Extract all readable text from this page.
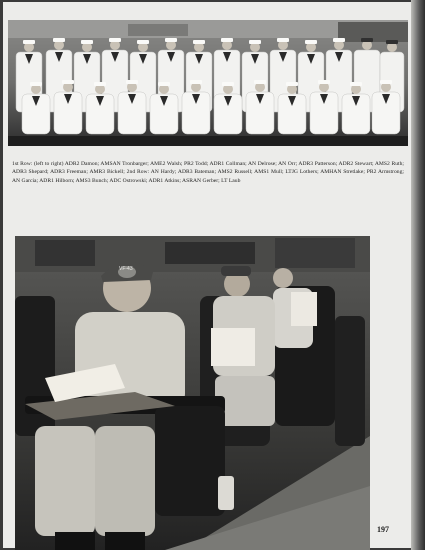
1st Row: (left to right) ADR2 Damon; AMSAN Tronbarger; AME2 Walsh; PR2 Todd; ADR1 Collman; AN Delrose; AN Orr; ADR3 Patterson; ADR2 Stewart; AMS2 Ruth; ADR3 Shepard; ADR3 Freeman; AMR3 Bickell; 2nd Row: AN Hardy; ADR3 Bateman; AMS2 Russell; AMS1 Mull; LTJG Lothers; AMHAN Stretlake; PR2 Armstrong; AN Garcia; ADR1 Hilborn; AMS3 Bunch; ADC Ostrowski; ADR1 Atkins; ASRAN Gerber; LT Laub

VF-43
197
